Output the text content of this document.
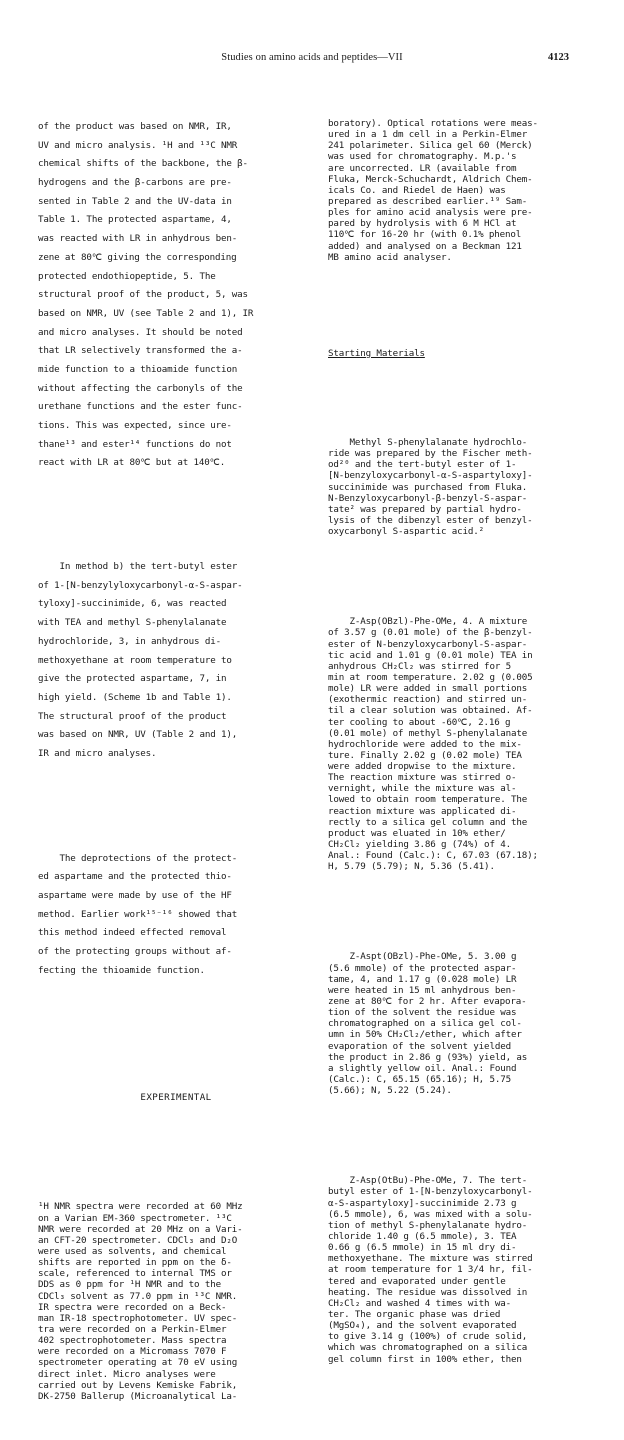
Studies on amino acids and peptides—VII	4123

of the product was based on NMR, IR,
UV and micro analysis. ¹H and ¹³C NMR
chemical shifts of the backbone, the β-
hydrogens and the β-carbons are pre-
sented in Table 2 and the UV-data in
Table 1. The protected aspartame, 4,
was reacted with LR in anhydrous ben-
zene at 80℃ giving the corresponding
protected endothiopeptide, 5. The
structural proof of the product, 5, was
based on NMR, UV (see Table 2 and 1), IR
and micro analyses. It should be noted
that LR selectively transformed the a-
mide function to a thioamide function
without affecting the carbonyls of the
urethane functions and the ester func-
tions. This was expected, since ure-
thane¹³ and ester¹⁴ functions do not
react with LR at 80℃ but at 140℃.

In method b) the tert-butyl ester
of 1-[N-benzylyloxycarbonyl-α-S-aspar-
tyloxy]-succinimide, 6, was reacted
with TEA and methyl S-phenylalanate
hydrochloride, 3, in anhydrous di-
methoxyethane at room temperature to
give the protected aspartame, 7, in
high yield. (Scheme 1b and Table 1).
The structural proof of the product
was based on NMR, UV (Table 2 and 1),
IR and micro analyses.

The deprotections of the protect-
ed aspartame and the protected thio-
aspartame were made by use of the HF
method. Earlier work¹⁵⁻¹⁶ showed that
this method indeed effected removal
of the protecting groups without af-
fecting the thioamide function.

EXPERIMENTAL

¹H NMR spectra were recorded at 60 MHz
on a Varian EM-360 spectrometer. ¹³C
NMR were recorded at 20 MHz on a Vari-
an CFT-20 spectrometer. CDCl₃ and D₂O
were used as solvents, and chemical
shifts are reported in ppm on the δ-
scale, referenced to internal TMS or
DDS as 0 ppm for ¹H NMR and to the
CDCl₃ solvent as 77.0 ppm in ¹³C NMR.
IR spectra were recorded on a Beck-
man IR-18 spectrophotometer. UV spec-
tra were recorded on a Perkin-Elmer
402 spectrophotometer. Mass spectra
were recorded on a Micromass 7070 F
spectrometer operating at 70 eV using
direct inlet. Micro analyses were
carried out by Levens Kemiske Fabrik,
DK-2750 Ballerup (Microanalytical La-

boratory). Optical rotations were meas-
ured in a 1 dm cell in a Perkin-Elmer
241 polarimeter. Silica gel 60 (Merck)
was used for chromatography. M.p.'s
are uncorrected. LR (available from
Fluka, Merck-Schuchardt, Aldrich Chem-
icals Co. and Riedel de Haen) was
prepared as described earlier.¹⁹ Sam-
ples for amino acid analysis were pre-
pared by hydrolysis with 6 M HCl at
110℃ for 16-20 hr (with 0.1% phenol
added) and analysed on a Beckman 121
MB amino acid analyser.

Starting Materials

Methyl S-phenylalanate hydrochlo-
ride was prepared by the Fischer meth-
od²⁰ and the tert-butyl ester of 1-
[N-benzyloxycarbonyl-α-S-aspartyloxy]-
succinimide was purchased from Fluka.
N-Benzyloxycarbonyl-β-benzyl-S-aspar-
tate² was prepared by partial hydro-
lysis of the dibenzyl ester of benzyl-
oxycarbonyl S-aspartic acid.²

Z-Asp(OBzl)-Phe-OMe, 4. A mixture
of 3.57 g (0.01 mole) of the β-benzyl-
ester of N-benzyloxycarbonyl-S-aspar-
tic acid and 1.01 g (0.01 mole) TEA in
anhydrous CH₂Cl₂ was stirred for 5
min at room temperature. 2.02 g (0.005
mole) LR were added in small portions
(exothermic reaction) and stirred un-
til a clear solution was obtained. Af-
ter cooling to about -60℃, 2.16 g
(0.01 mole) of methyl S-phenylalanate
hydrochloride were added to the mix-
ture. Finally 2.02 g (0.02 mole) TEA
were added dropwise to the mixture.
The reaction mixture was stirred o-
vernight, while the mixture was al-
lowed to obtain room temperature. The
reaction mixture was applicated di-
rectly to a silica gel column and the
product was eluated in 10% ether/
CH₂Cl₂ yielding 3.86 g (74%) of 4.
Anal.: Found (Calc.): C, 67.03 (67.18);
H, 5.79 (5.79); N, 5.36 (5.41).

Z-Aspt(OBzl)-Phe-OMe, 5. 3.00 g
(5.6 mmole) of the protected aspar-
tame, 4, and 1.17 g (0.028 mole) LR
were heated in 15 ml anhydrous ben-
zene at 80℃ for 2 hr. After evapora-
tion of the solvent the residue was
chromatographed on a silica gel col-
umn in 50% CH₂Cl₂/ether, which after
evaporation of the solvent yielded
the product in 2.86 g (93%) yield, as
a slightly yellow oil. Anal.: Found
(Calc.): C, 65.15 (65.16); H, 5.75
(5.66); N, 5.22 (5.24).

Z-Asp(OtBu)-Phe-OMe, 7. The tert-
butyl ester of 1-[N-benzyloxycarbonyl-
α-S-aspartyloxy]-succinimide 2.73 g
(6.5 mmole), 6, was mixed with a solu-
tion of methyl S-phenylalanate hydro-
chloride 1.40 g (6.5 mmole), 3. TEA
0.66 g (6.5 mmole) in 15 ml dry di-
methoxyethane. The mixture was stirred
at room temperature for 1 3/4 hr, fil-
tered and evaporated under gentle
heating. The residue was dissolved in
CH₂Cl₂ and washed 4 times with wa-
ter. The organic phase was dried
(MgSO₄), and the solvent evaporated
to give 3.14 g (100%) of crude solid,
which was chromatographed on a silica
gel column first in 100% ether, then
